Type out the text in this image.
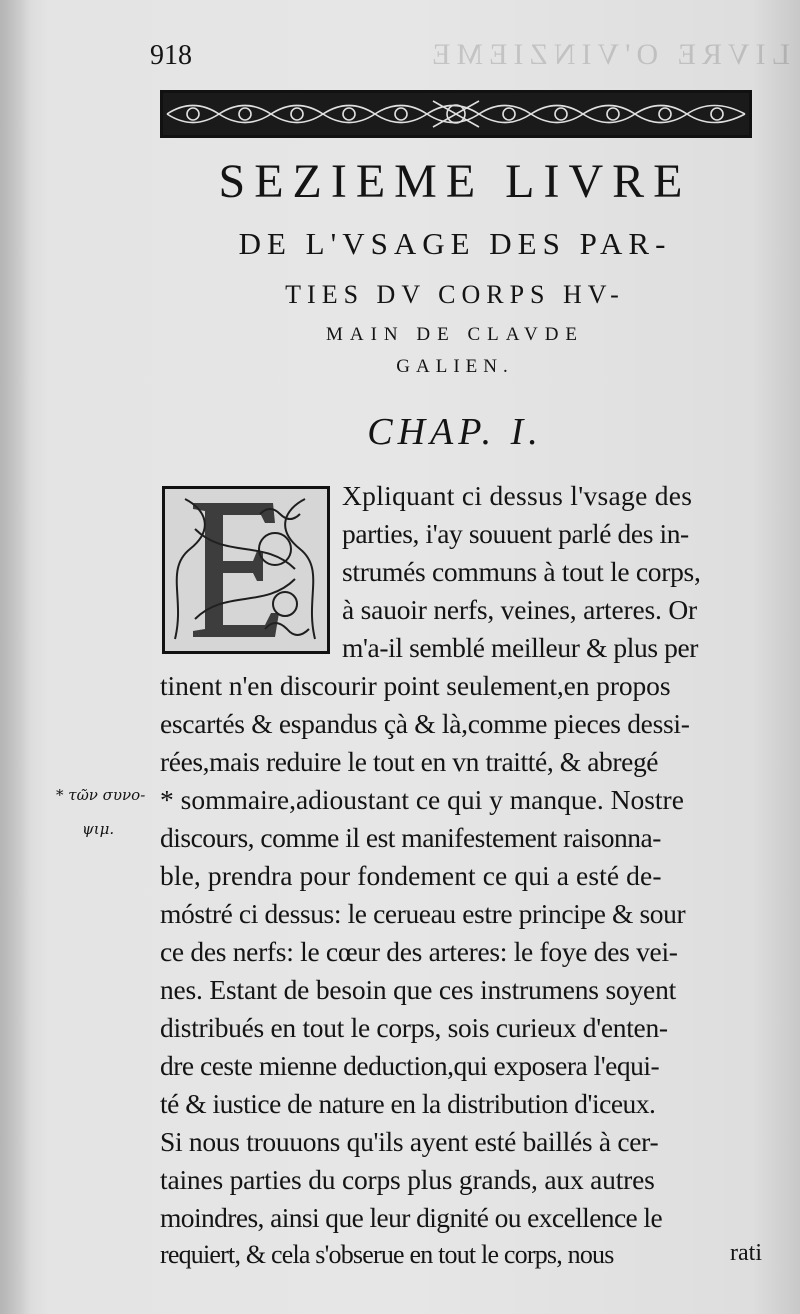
918	LIVRE O'VINZIEME
SEZIEME LIVRE
DE L'VSAGE DES PAR-
TIES DV CORPS HV-
MAIN DE CLAVDE
GALIEN.
CHAP. I.
Xpliquant ci dessus l'vsage des
parties, i'ay souuent parlé des in-
strumés communs à tout le corps,
à sauoir nerfs, veines, arteres. Or
m'a-il semblé meilleur & plus per
tinent n'en discourir point seulement,en propos
escartés & espandus çà & là,comme pieces dessi-
rées,mais reduire le tout en vn traitté, & abregé
* sommaire,adioustant ce qui y manque. Nostre
discours, comme il est manifestement raisonna-
ble, prendra pour fondement ce qui a esté de-
móstré ci dessus: le cerueau estre principe & sour
ce des nerfs: le cœur des arteres: le foye des vei-
nes. Estant de besoin que ces instrumens soyent
distribués en tout le corps, sois curieux d'enten-
dre ceste mienne deduction,qui exposera l'equi-
té & iustice de nature en la distribution d'iceux.
Si nous trouuons qu'ils ayent esté baillés à cer-
taines parties du corps plus grands, aux autres
moindres, ainsi que leur dignité ou excellence le
requiert, & cela s'obserue en tout le corps, nous
* τῶν συνο-
ψιμ.
rati
